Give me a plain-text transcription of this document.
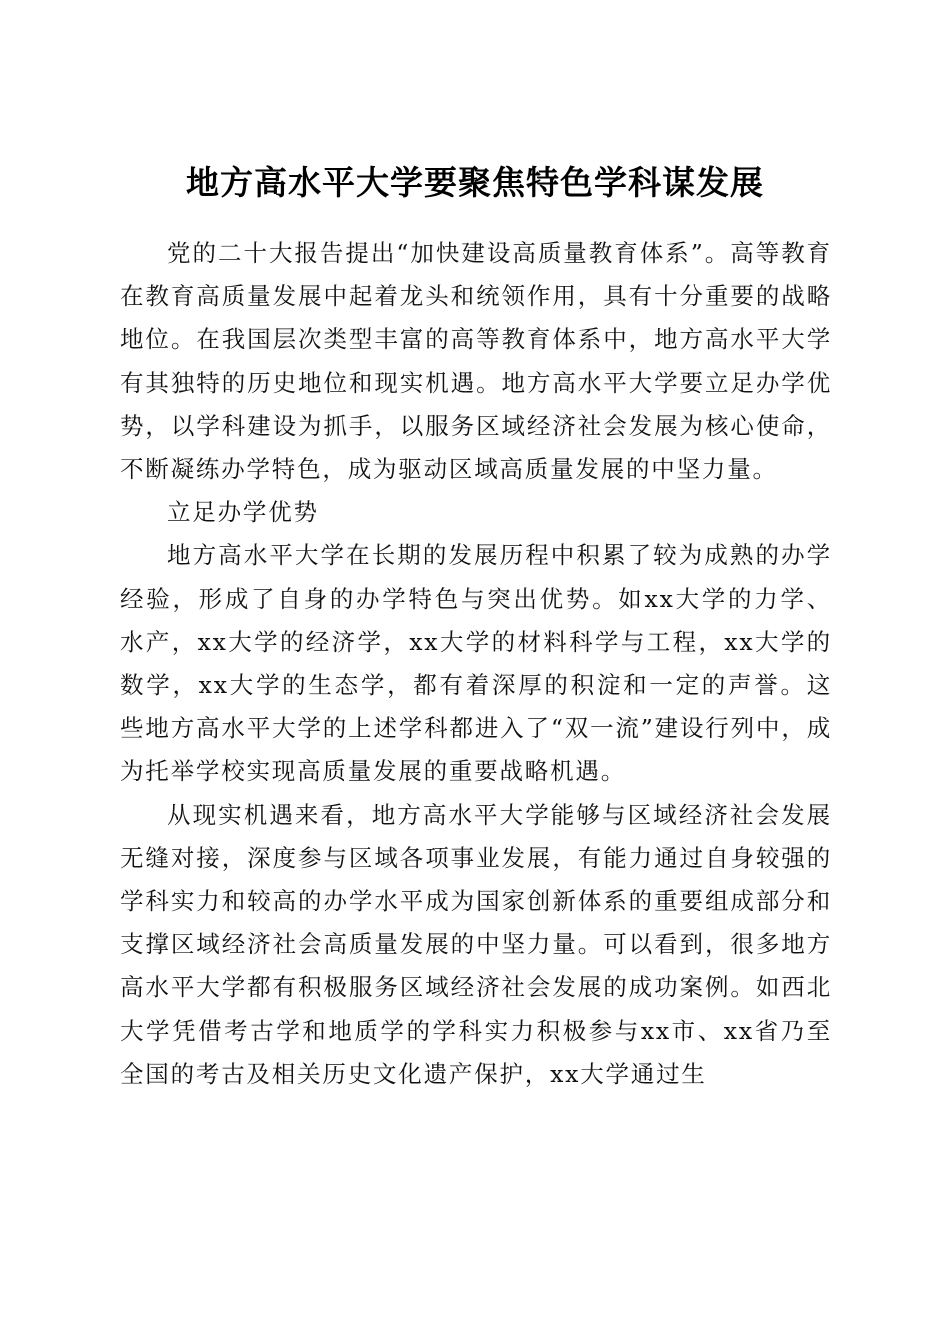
地方高水平大学要聚焦特色学科谋发展

党的二十大报告提出“加快建设高质量教育体系”。高等教育在教育高质量发展中起着龙头和统领作用，具有十分重要的战略地位。在我国层次类型丰富的高等教育体系中，地方高水平大学有其独特的历史地位和现实机遇。地方高水平大学要立足办学优势，以学科建设为抓手，以服务区域经济社会发展为核心使命，不断凝练办学特色，成为驱动区域高质量发展的中坚力量。

立足办学优势

地方高水平大学在长期的发展历程中积累了较为成熟的办学经验，形成了自身的办学特色与突出优势。如xx大学的力学、水产，xx大学的经济学，xx大学的材料科学与工程，xx大学的数学，xx大学的生态学，都有着深厚的积淀和一定的声誉。这些地方高水平大学的上述学科都进入了“双一流”建设行列中，成为托举学校实现高质量发展的重要战略机遇。

从现实机遇来看，地方高水平大学能够与区域经济社会发展无缝对接，深度参与区域各项事业发展，有能力通过自身较强的学科实力和较高的办学水平成为国家创新体系的重要组成部分和支撑区域经济社会高质量发展的中坚力量。可以看到，很多地方高水平大学都有积极服务区域经济社会发展的成功案例。如西北大学凭借考古学和地质学的学科实力积极参与xx市、xx省乃至全国的考古及相关历史文化遗产保护，xx大学通过生
